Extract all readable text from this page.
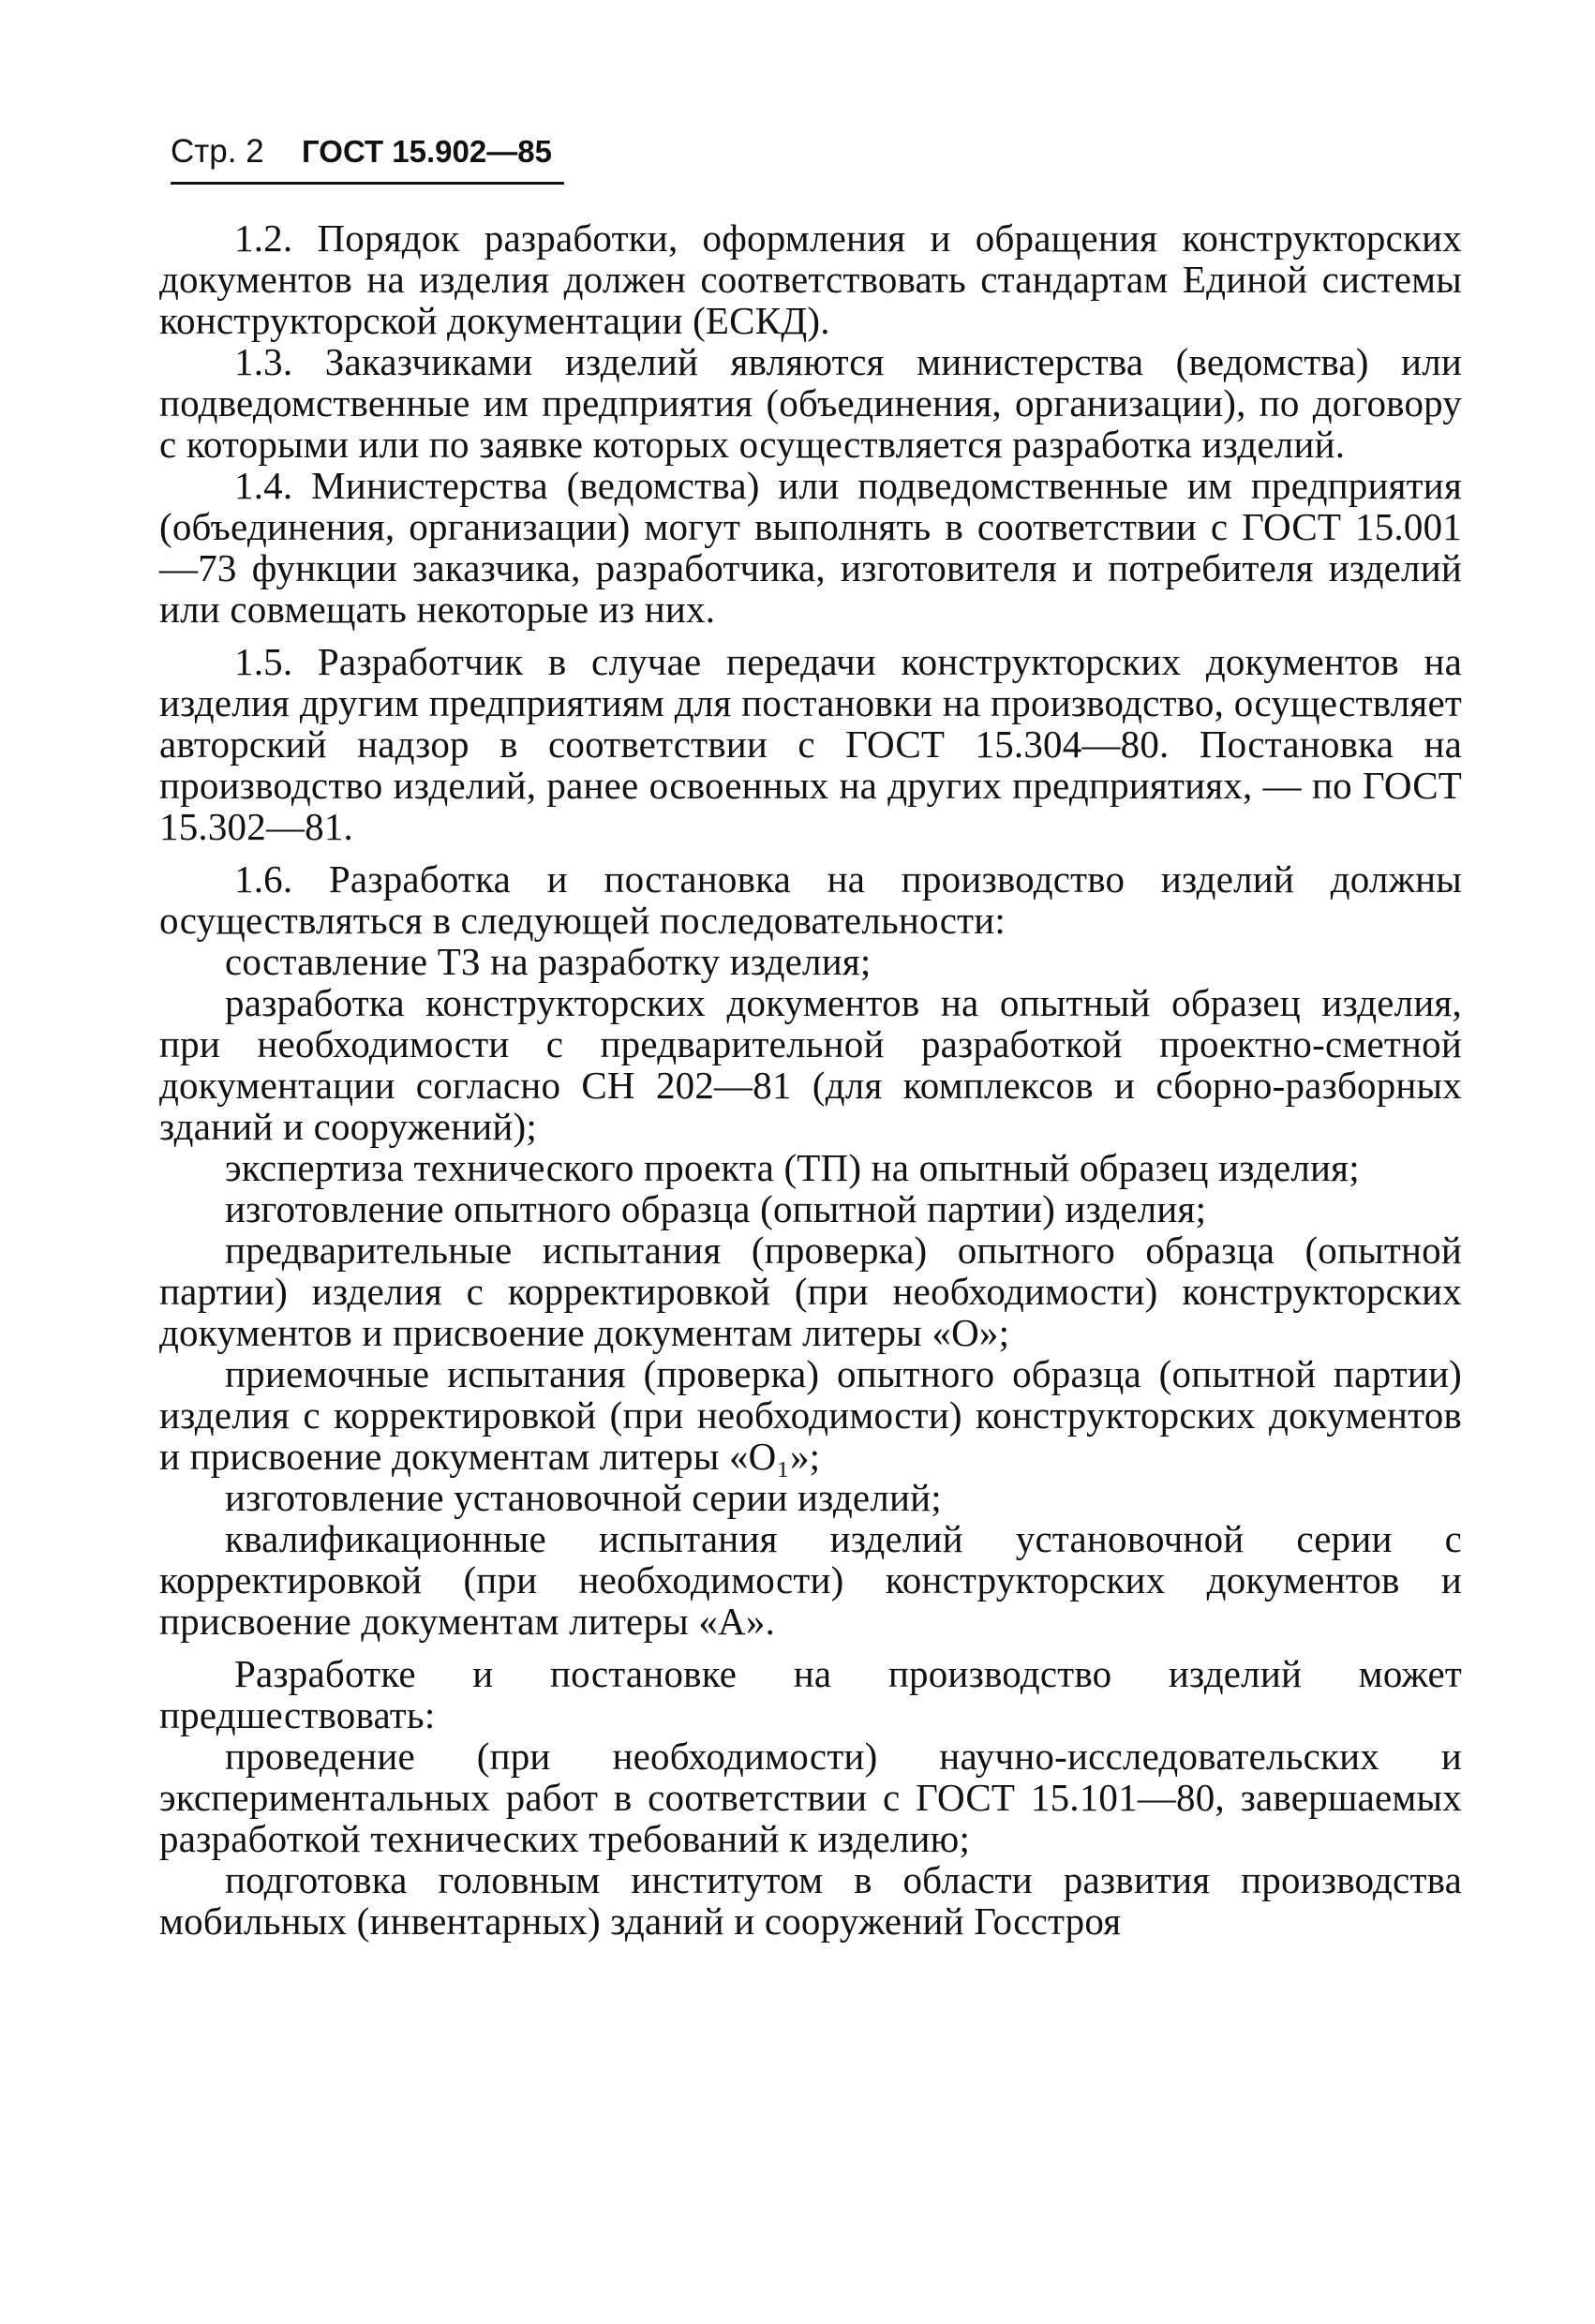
Стр. 2 ГОСТ 15.902—85

1.2. Порядок разработки, оформления и обращения конструкторских документов на изделия должен соответствовать стандартам Единой системы конструкторской документации (ЕСКД).

1.3. Заказчиками изделий являются министерства (ведомства) или подведомственные им предприятия (объединения, организации), по договору с которыми или по заявке которых осуществляется разработка изделий.

1.4. Министерства (ведомства) или подведомственные им предприятия (объединения, организации) могут выполнять в соответствии с ГОСТ 15.001—73 функции заказчика, разработчика, изготовителя и потребителя изделий или совмещать некоторые из них.

1.5. Разработчик в случае передачи конструкторских документов на изделия другим предприятиям для постановки на производство, осуществляет авторский надзор в соответствии с ГОСТ 15.304—80. Постановка на производство изделий, ранее освоенных на других предприятиях, — по ГОСТ 15.302—81.

1.6. Разработка и постановка на производство изделий должны осуществляться в следующей последовательности:

составление ТЗ на разработку изделия;

разработка конструкторских документов на опытный образец изделия, при необходимости с предварительной разработкой проектно-сметной документации согласно СН 202—81 (для комплексов и сборно-разборных зданий и сооружений);

экспертиза технического проекта (ТП) на опытный образец изделия;

изготовление опытного образца (опытной партии) изделия;

предварительные испытания (проверка) опытного образца (опытной партии) изделия с корректировкой (при необходимости) конструкторских документов и присвоение документам литеры «О»;

приемочные испытания (проверка) опытного образца (опытной партии) изделия с корректировкой (при необходимости) конструкторских документов и присвоение документам литеры «О₁»;

изготовление установочной серии изделий;

квалификационные испытания изделий установочной серии с корректировкой (при необходимости) конструкторских документов и присвоение документам литеры «А».

Разработке и постановке на производство изделий может предшествовать:

проведение (при необходимости) научно-исследовательских и экспериментальных работ в соответствии с ГОСТ 15.101—80, завершаемых разработкой технических требований к изделию;

подготовка головным институтом в области развития производства мобильных (инвентарных) зданий и сооружений Госстроя
